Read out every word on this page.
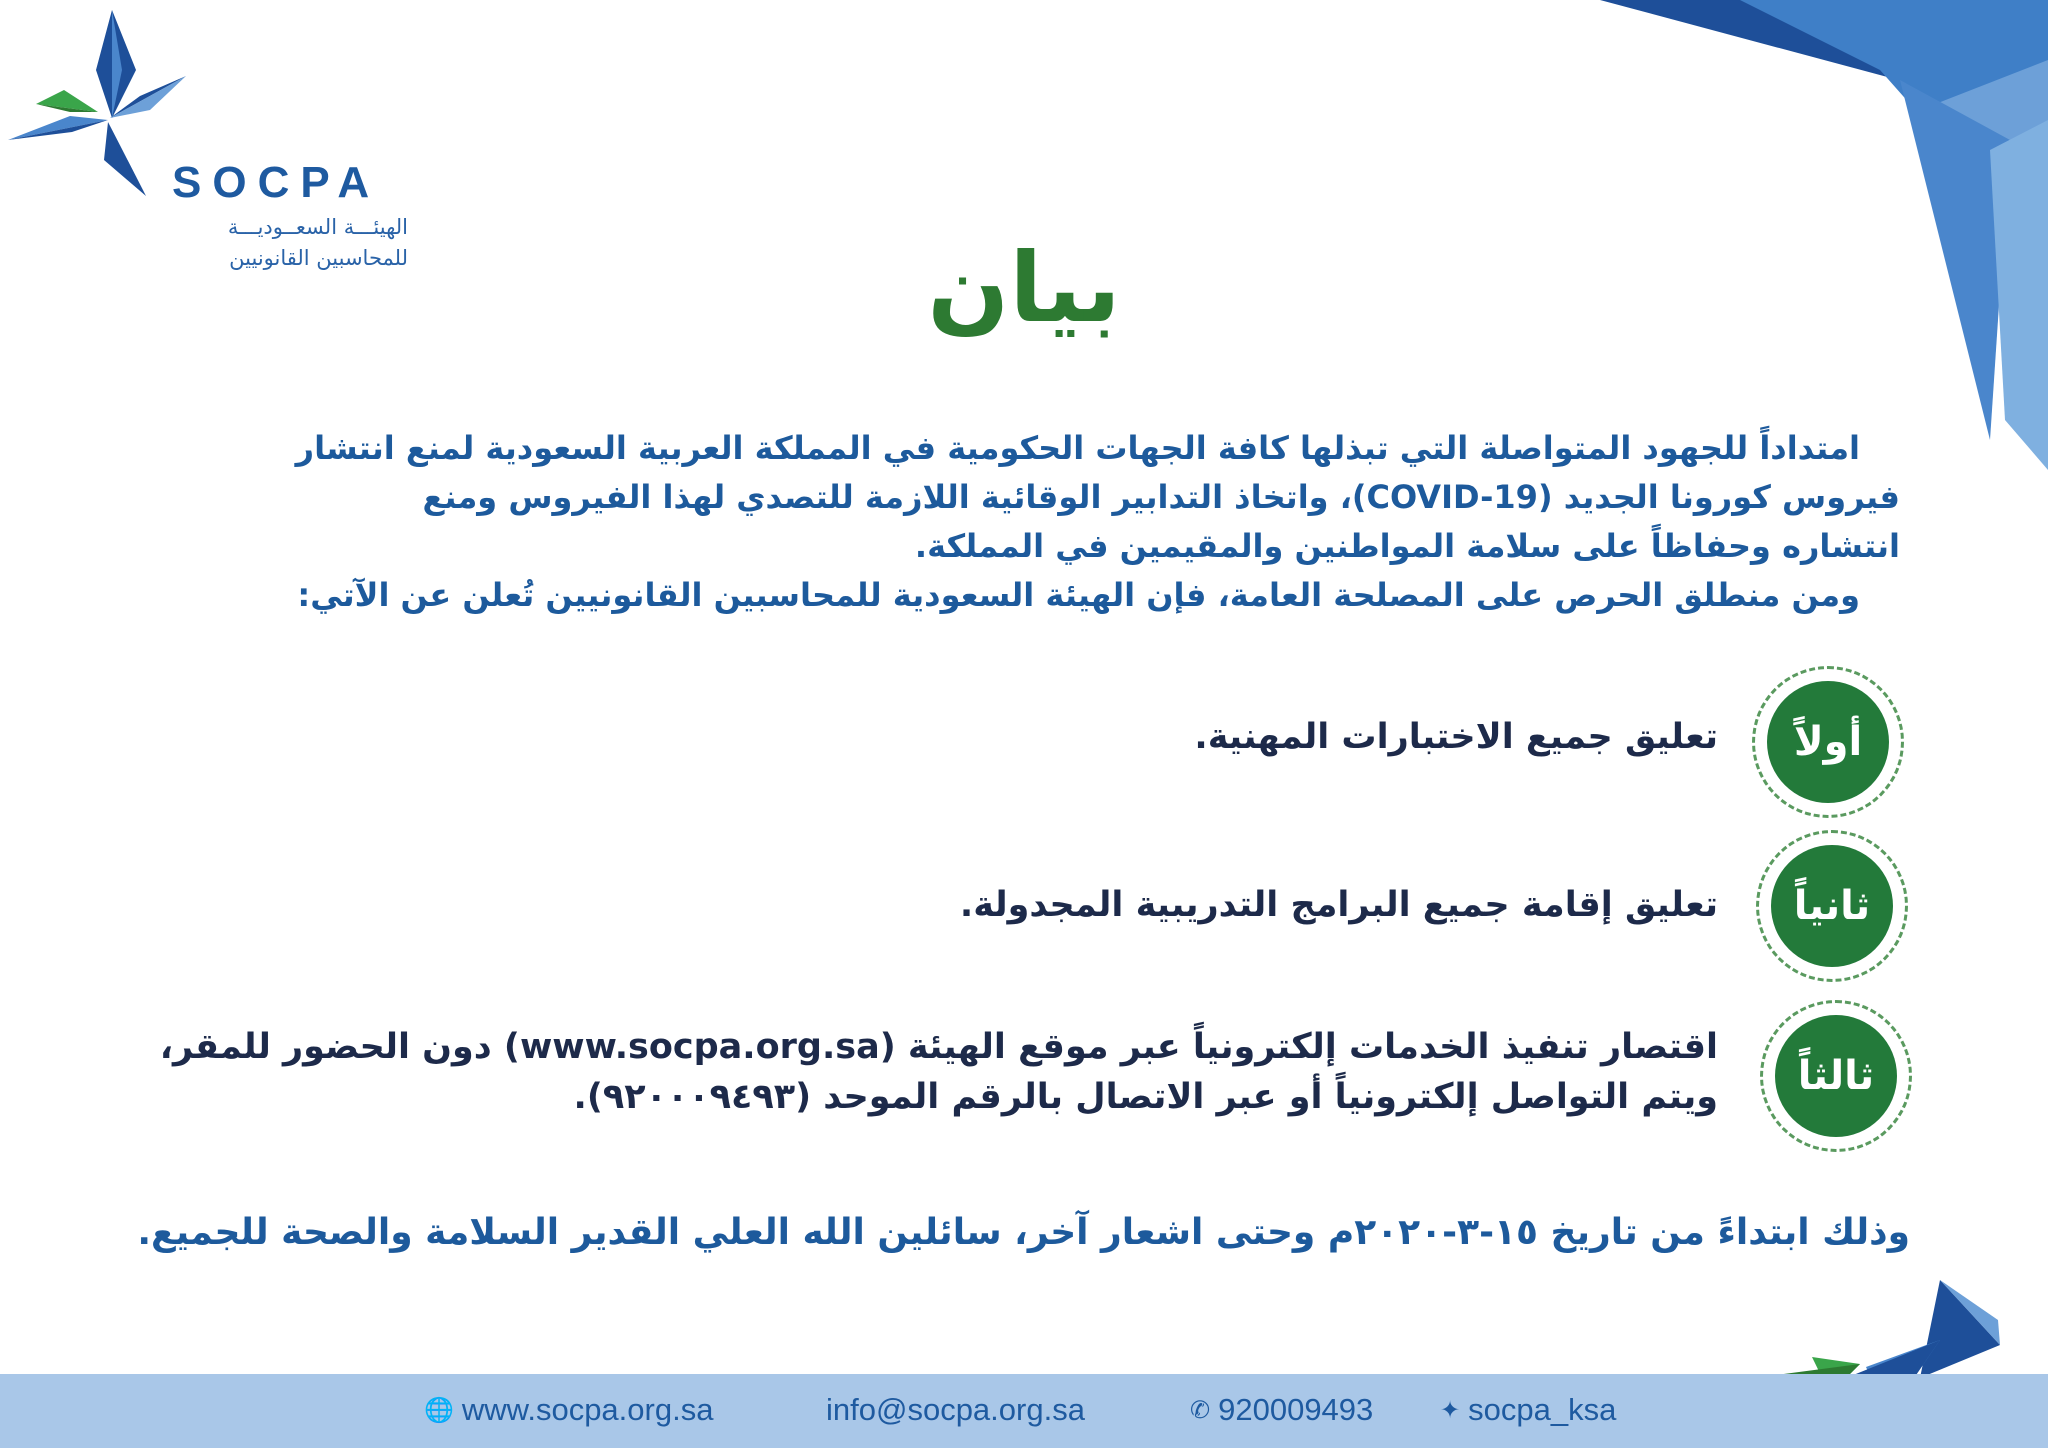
SOCPA
الهيئـــة السعــوديـــة
للمحاسبين القانونيين	بيان

امتداداً للجهود المتواصلة التي تبذلها كافة الجهات الحكومية في المملكة العربية السعودية لمنع انتشار

فيروس كورونا الجديد (COVID-19)، واتخاذ التدابير الوقائية اللازمة للتصدي لهذا الفيروس ومنع

انتشاره وحفاظاً على سلامة المواطنين والمقيمين في المملكة.

ومن منطلق الحرص على المصلحة العامة، فإن الهيئة السعودية للمحاسبين القانونيين تُعلن عن الآتي:

أولاً
تعليق جميع الاختبارات المهنية.
ثانياً
تعليق إقامة جميع البرامج التدريبية المجدولة.
ثالثاً
اقتصار تنفيذ الخدمات إلكترونياً عبر موقع الهيئة (www.socpa.org.sa) دون الحضور للمقر،
ويتم التواصل إلكترونياً أو عبر الاتصال بالرقم الموحد (٩٢٠٠٠٩٤٩٣).
وذلك ابتداءً من تاريخ ١٥-٣-٢٠٢٠م وحتى اشعار آخر، سائلين الله العلي القدير السلامة والصحة للجميع.
🌐 www.socpa.org.sa	info@socpa.org.sa	✆ 920009493	✦ socpa_ksa
